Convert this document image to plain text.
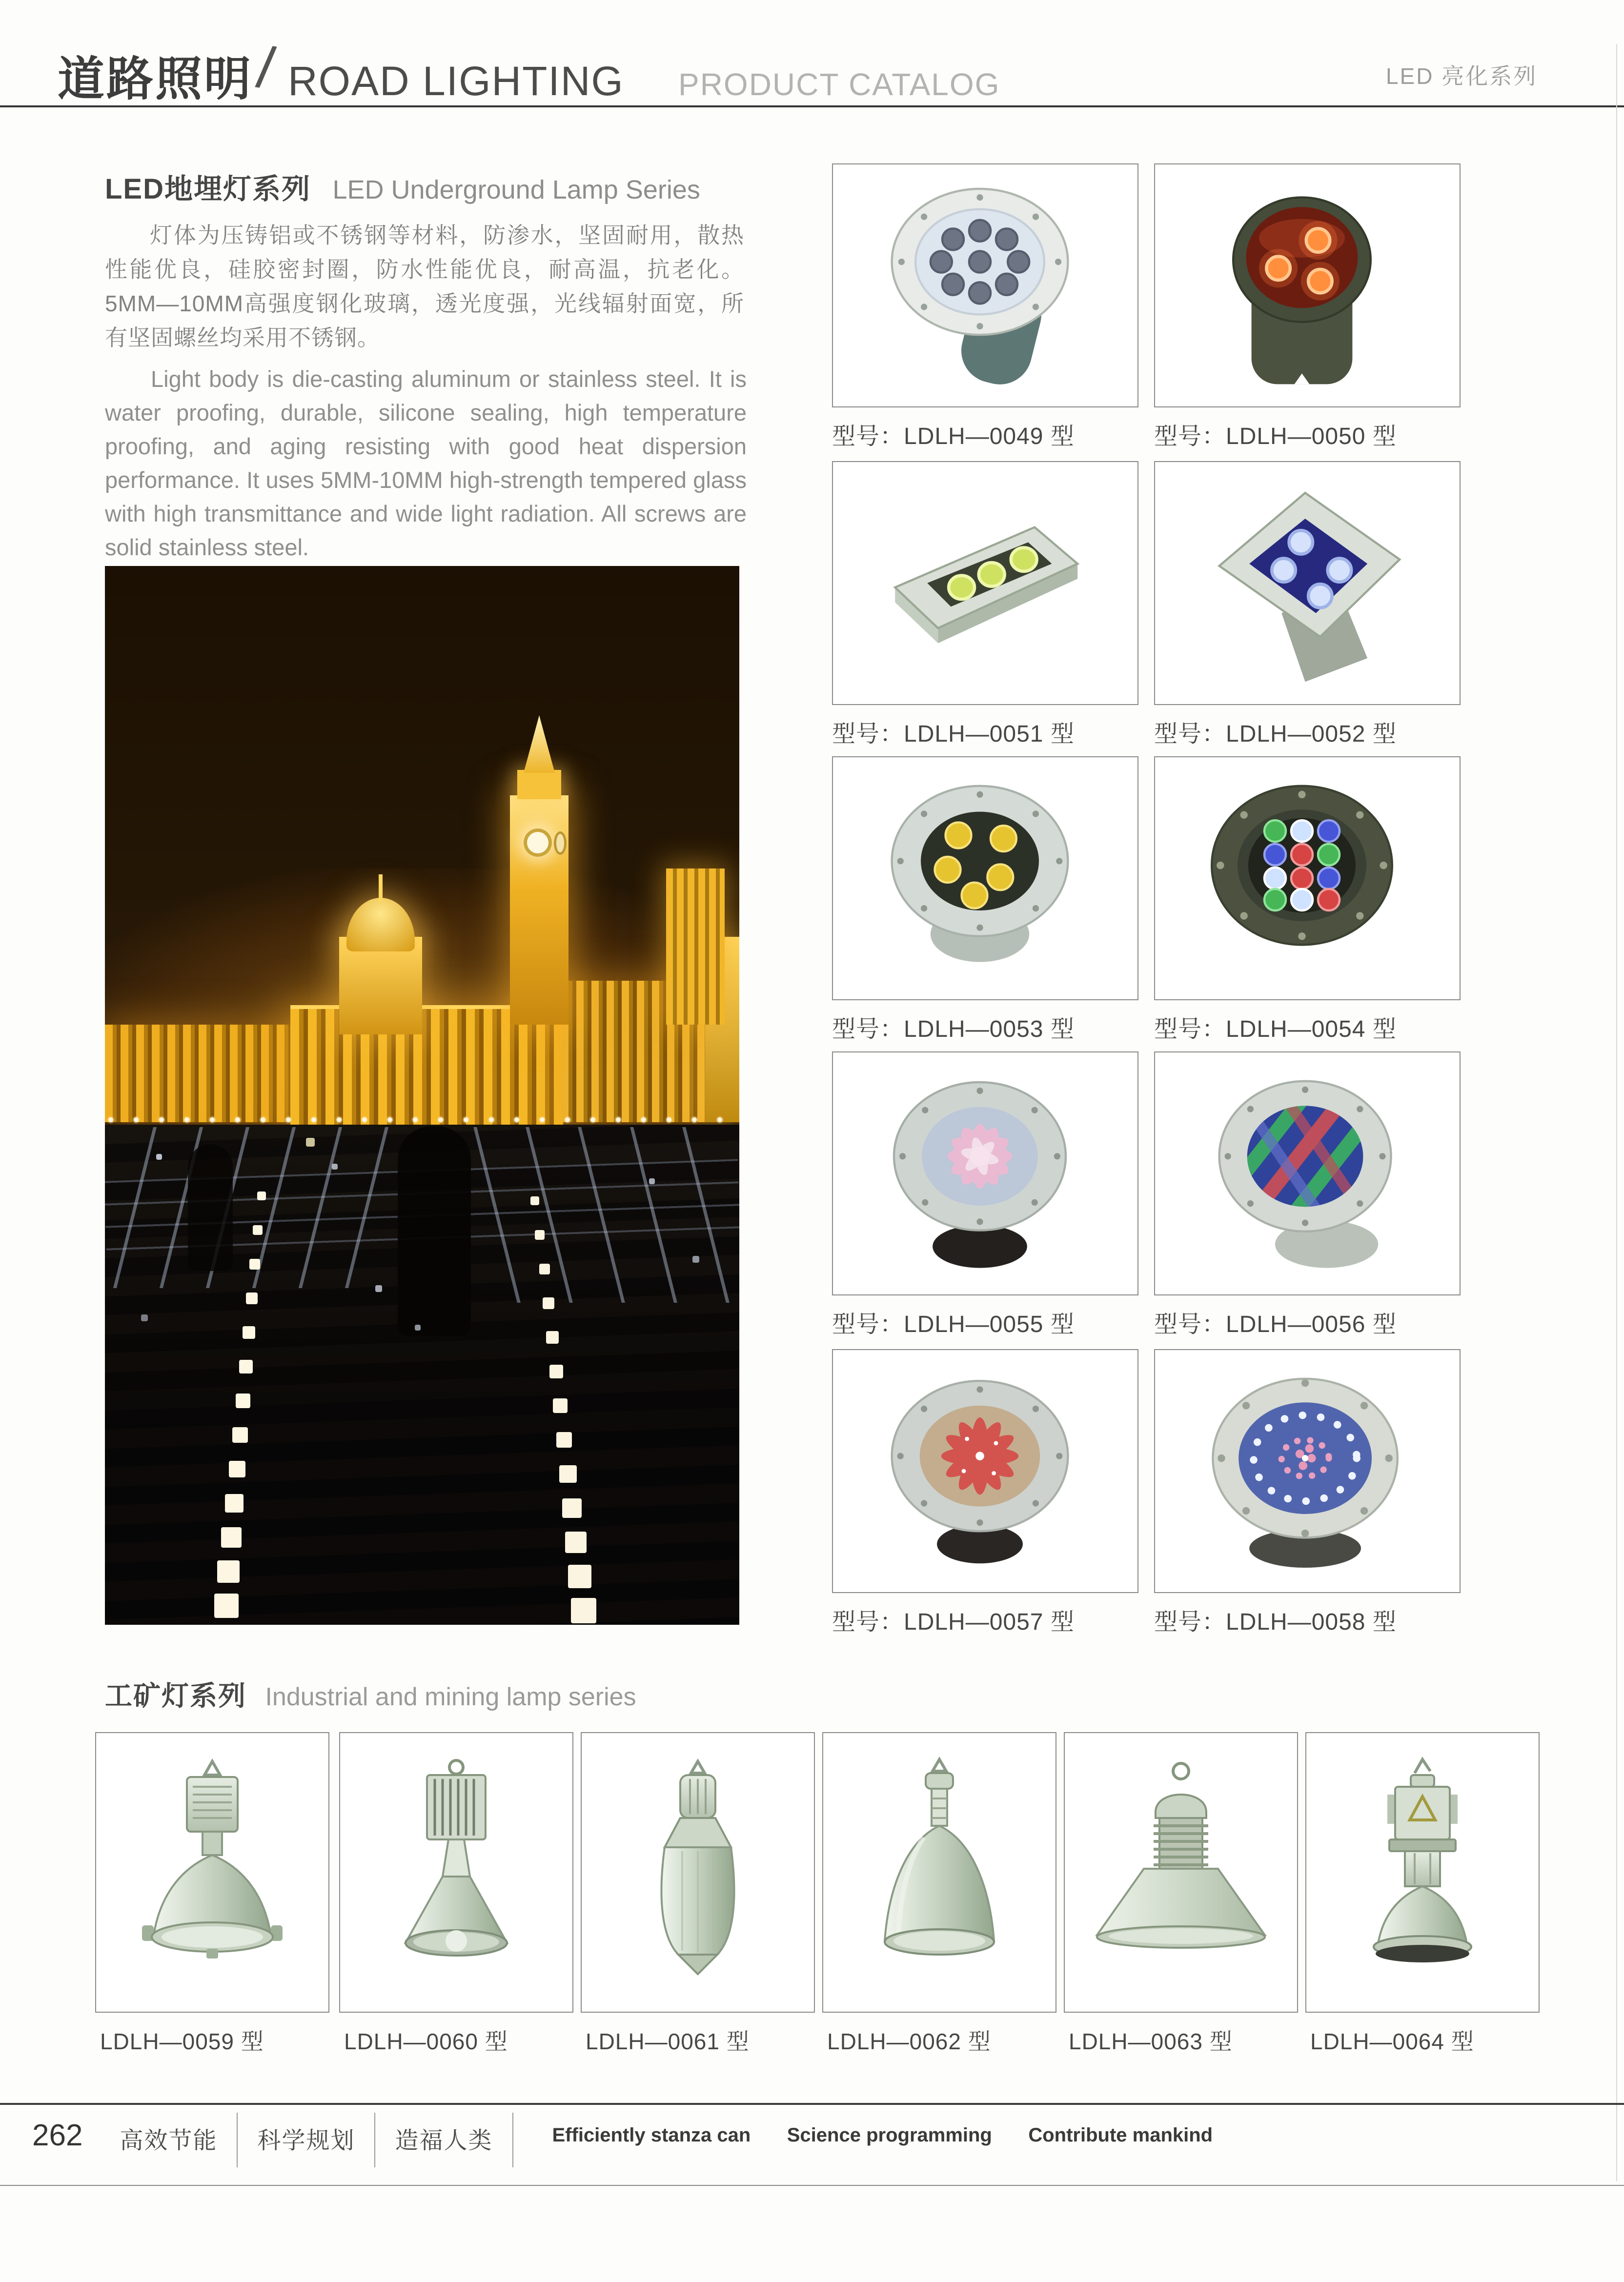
道路照明 / ROAD LIGHTING PRODUCT CATALOG	LED 亮化系列
LED地埋灯系列 LED Underground Lamp Series
灯体为压铸铝或不锈钢等材料，防渗水，坚固耐用，散热性能优良，硅胶密封圈，防水性能优良，耐高温，抗老化。5MM—10MM高强度钢化玻璃，透光度强，光线辐射面宽，所有坚固螺丝均采用不锈钢。
Light body is die-casting aluminum or stainless steel. It is water proofing, durable, silicone sealing, high temperature proofing, and aging resisting with good heat dispersion performance. It uses 5MM-10MM high-strength tempered glass with high transmittance and wide light radiation. All screws are solid stainless steel.
型号：LDLH—0049 型	型号：LDLH—0050 型
型号：LDLH—0051 型	型号：LDLH—0052 型
型号：LDLH—0053 型	型号：LDLH—0054 型
型号：LDLH—0055 型	型号：LDLH—0056 型
型号：LDLH—0057 型	型号：LDLH—0058 型
工矿灯系列 Industrial and mining lamp series
LDLH—0059 型	LDLH—0060 型	LDLH—0061 型	LDLH—0062 型	LDLH—0063 型	LDLH—0064 型
262	高效节能	科学规划	造福人类	Efficiently stanza can Science programming Contribute mankind
